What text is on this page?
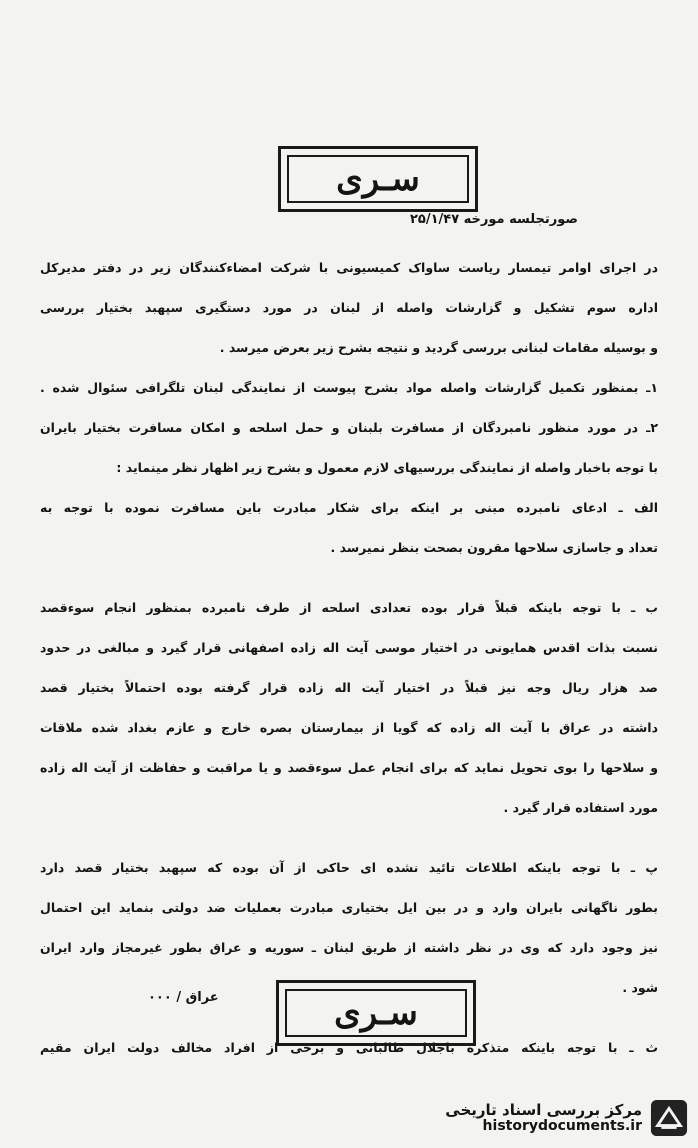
سـری
صورتجلسه مورخه ۲۵/۱/۴۷

در اجرای اوامر تیمسار ریاست ساواک کمیسیونی با شرکت امضاءکنندگان زیر در دفتر مدیرکل

اداره سوم تشکیل و گزارشات واصله از لبنان در مورد دستگیری سپهبد بختیار بررسی

و بوسیله مقامات لبنانی بررسی گردید و نتیجه بشرح زیر بعرض میرسد .

۱ـ بمنظور تکمیل گزارشات واصله مواد بشرح پیوست از نمایندگی لبنان تلگرافی سئوال شده .

۲ـ در مورد منظور نامبردگان از مسافرت بلبنان و حمل اسلحه و امکان مسافرت بختیار بایران

با توجه باخبار واصله از نمایندگی بررسیهای لازم معمول و بشرح زیر اظهار نظر مینماید :

الف ـ ادعای نامبرده مبنی بر اینکه برای شکار مبادرت باین مسافرت نموده با توجه به

تعداد و جاسازی سلاحها مقرون بصحت بنظر نمیرسد .

ب ـ با توجه باینکه قبلاً قرار بوده تعدادی اسلحه از طرف نامبرده بمنظور انجام سوءقصد

نسبت بذات اقدس همایونی در اختیار موسی آیت اله زاده اصفهانی قرار گیرد و مبالغی در حدود

صد هزار ریال وجه نیز قبلاً در اختیار آیت اله زاده قرار گرفته بوده احتمالاً بختیار قصد

داشته در عراق با آیت اله زاده که گویا از بیمارستان بصره خارج و عازم بغداد شده ملاقات

و سلاحها را بوی تحویل نماید که برای انجام عمل سوءقصد و یا مراقبت و حفاظت از آیت اله زاده

مورد استفاده قرار گیرد .

پ ـ با توجه باینکه اطلاعات تائید نشده ای حاکی از آن بوده که سپهبد بختیار قصد دارد

بطور ناگهانی بایران وارد و در بین ایل بختیاری مبادرت بعملیات ضد دولتی بنماید این احتمال

نیز وجود دارد که وی در نظر داشته از طریق لبنان ـ سوریه و عراق بطور غیرمجاز وارد ایران

شود .

ث ـ با توجه باینکه متذکره باجلال طالبانی و برخی از افراد مخالف دولت ایران مقیم

عراق / ۰۰۰	سـری
مرکز بررسی اسناد تاریخی
historydocuments.ir
